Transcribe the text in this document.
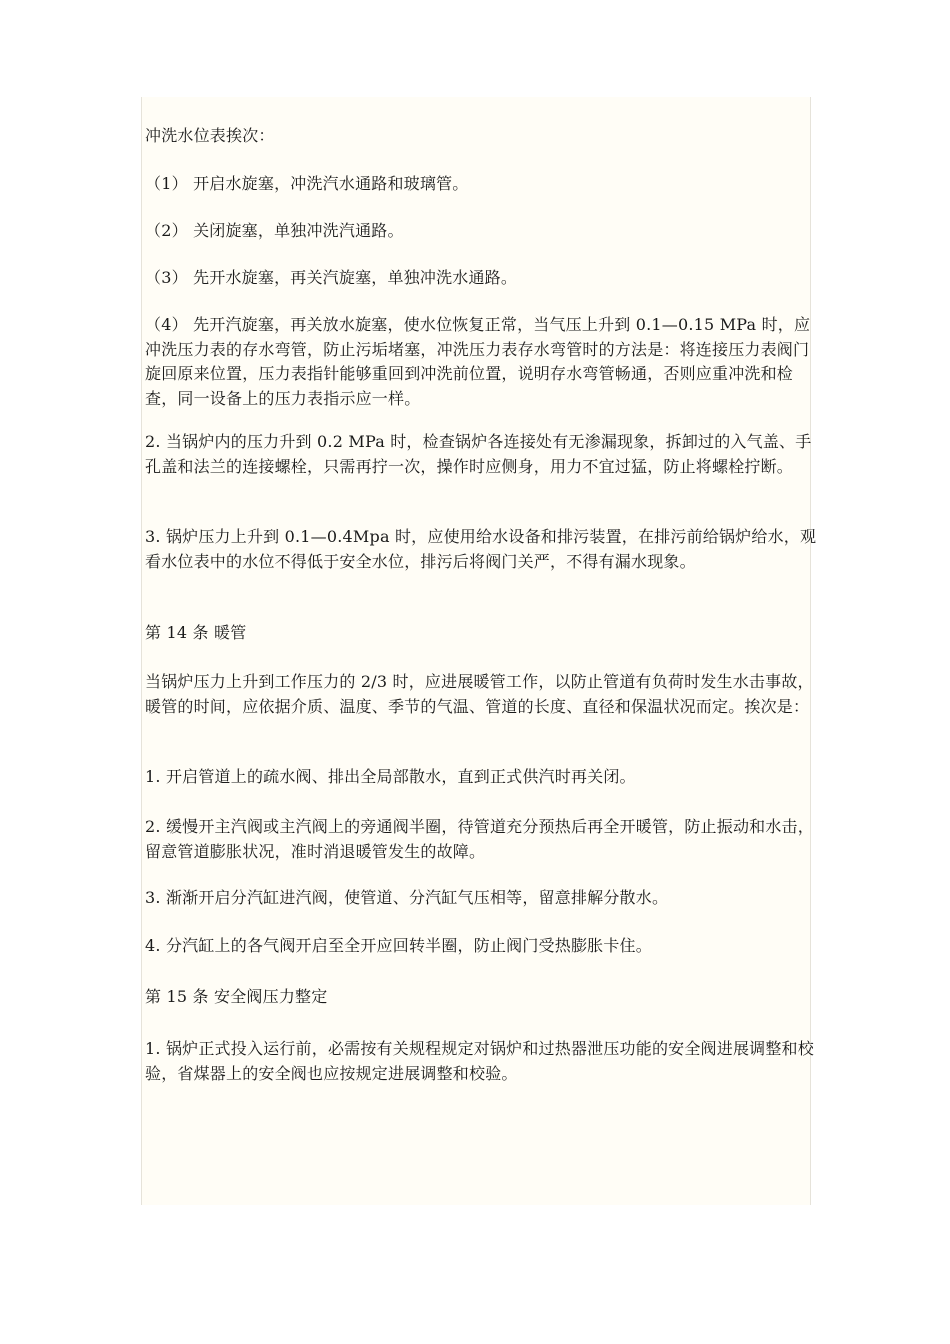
冲洗水位表挨次：

（1） 开启水旋塞，冲洗汽水通路和玻璃管。

（2） 关闭旋塞，单独冲洗汽通路。

（3） 先开水旋塞，再关汽旋塞，单独冲洗水通路。

（4） 先开汽旋塞，再关放水旋塞，使水位恢复正常，当气压上升到 0.1—0.15 MPa 时，应冲洗压力表的存水弯管，防止污垢堵塞，冲洗压力表存水弯管时的方法是：将连接压力表阀门旋回原来位置，压力表指针能够重回到冲洗前位置，说明存水弯管畅通，否则应重冲洗和检查，同一设备上的压力表指示应一样。

2. 当锅炉内的压力升到 0.2 MPa 时，检查锅炉各连接处有无渗漏现象，拆卸过的入气盖、手孔盖和法兰的连接螺栓，只需再拧一次，操作时应侧身，用力不宜过猛，防止将螺栓拧断。

3. 锅炉压力上升到 0.1—0.4Mpa 时，应使用给水设备和排污装置，在排污前给锅炉给水，观看水位表中的水位不得低于安全水位，排污后将阀门关严，不得有漏水现象。

第 14 条 暖管

当锅炉压力上升到工作压力的 2/3 时，应进展暖管工作，以防止管道有负荷时发生水击事故，暖管的时间，应依据介质、温度、季节的气温、管道的长度、直径和保温状况而定。挨次是：

1. 开启管道上的疏水阀、排出全局部散水，直到正式供汽时再关闭。

2. 缓慢开主汽阀或主汽阀上的旁通阀半圈，待管道充分预热后再全开暖管，防止振动和水击，留意管道膨胀状况，准时消退暖管发生的故障。

3. 渐渐开启分汽缸进汽阀，使管道、分汽缸气压相等，留意排解分散水。

4. 分汽缸上的各气阀开启至全开应回转半圈，防止阀门受热膨胀卡住。

第 15 条 安全阀压力整定

1. 锅炉正式投入运行前，必需按有关规程规定对锅炉和过热器泄压功能的安全阀进展调整和校验，省煤器上的安全阀也应按规定进展调整和校验。
